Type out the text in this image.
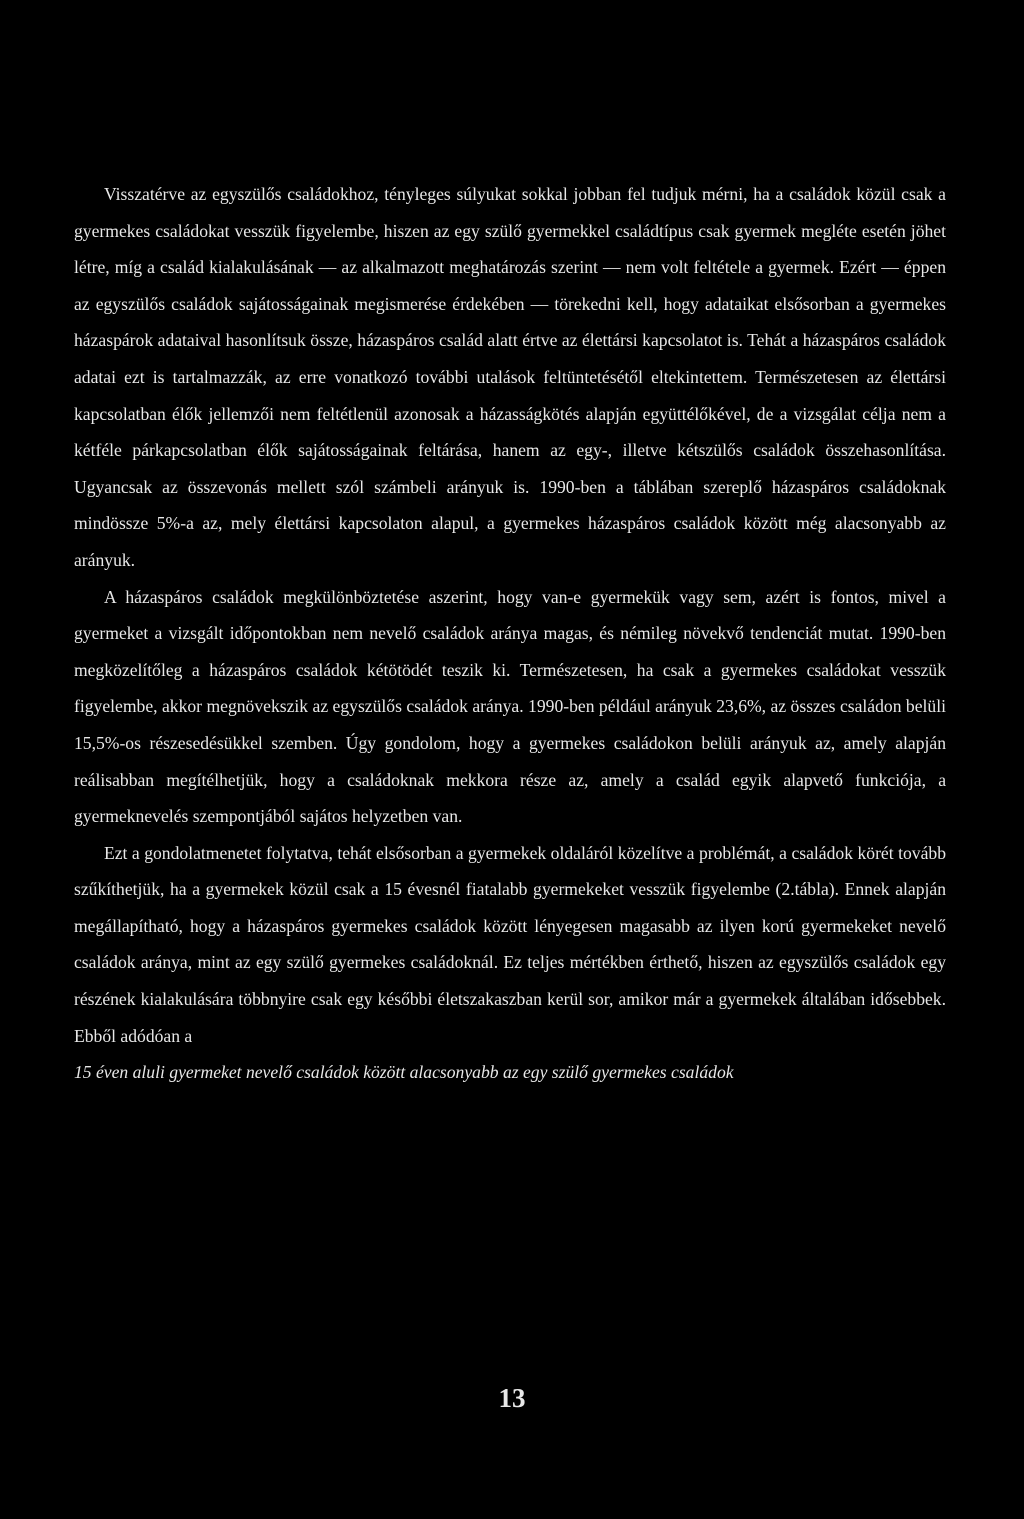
Visszatérve az egyszülős családokhoz, tényleges súlyukat sokkal jobban fel tudjuk mérni, ha a családok közül csak a gyermekes családokat vesszük figyelembe, hiszen az egy szülő gyermekkel családtípus csak gyermek megléte esetén jöhet létre, míg a család kialakulásának — az alkalmazott meghatározás szerint — nem volt feltétele a gyermek. Ezért — éppen az egyszülős családok sajátosságainak megismerése érdekében — törekedni kell, hogy adataikat elsősorban a gyermekes házaspárok adataival hasonlítsuk össze, házaspáros család alatt értve az élettársi kapcsolatot is. Tehát a házaspáros családok adatai ezt is tartalmazzák, az erre vonatkozó további utalások feltüntetésétől eltekintettem. Természetesen az élettársi kapcsolatban élők jellemzői nem feltétlenül azonosak a házasságkötés alapján együttélőkével, de a vizsgálat célja nem a kétféle párkapcsolatban élők sajátosságainak feltárása, hanem az egy-, illetve kétszülős családok összehasonlítása. Ugyancsak az összevonás mellett szól számbeli arányuk is. 1990-ben a táblában szereplő házaspáros családoknak mindössze 5%-a az, mely élettársi kapcsolaton alapul, a gyermekes házaspáros családok között még alacsonyabb az arányuk.

A házaspáros családok megkülönböztetése aszerint, hogy van-e gyermekük vagy sem, azért is fontos, mivel a gyermeket a vizsgált időpontokban nem nevelő családok aránya magas, és némileg növekvő tendenciát mutat. 1990-ben megközelítőleg a házaspáros családok kétötödét teszik ki. Természetesen, ha csak a gyermekes családokat vesszük figyelembe, akkor megnövekszik az egyszülős családok aránya. 1990-ben például arányuk 23,6%, az összes családon belüli 15,5%-os részesedésükkel szemben. Úgy gondolom, hogy a gyermekes családokon belüli arányuk az, amely alapján reálisabban megítélhetjük, hogy a családoknak mekkora része az, amely a család egyik alapvető funkciója, a gyermeknevelés szempontjából sajátos helyzetben van.

Ezt a gondolatmenetet folytatva, tehát elsősorban a gyermekek oldaláról közelítve a problémát, a családok körét tovább szűkíthetjük, ha a gyermekek közül csak a 15 évesnél fiatalabb gyermekeket vesszük figyelembe (2.tábla). Ennek alapján megállapítható, hogy a házaspáros gyermekes családok között lényegesen magasabb az ilyen korú gyermekeket nevelő családok aránya, mint az egy szülő gyermekes családoknál. Ez teljes mértékben érthető, hiszen az egyszülős családok egy részének kialakulására többnyire csak egy későbbi életszakaszban kerül sor, amikor már a gyermekek általában idősebbek. Ebből adódóan a

15 éven aluli gyermeket nevelő családok között alacsonyabb az egy szülő gyermekes családok
13
